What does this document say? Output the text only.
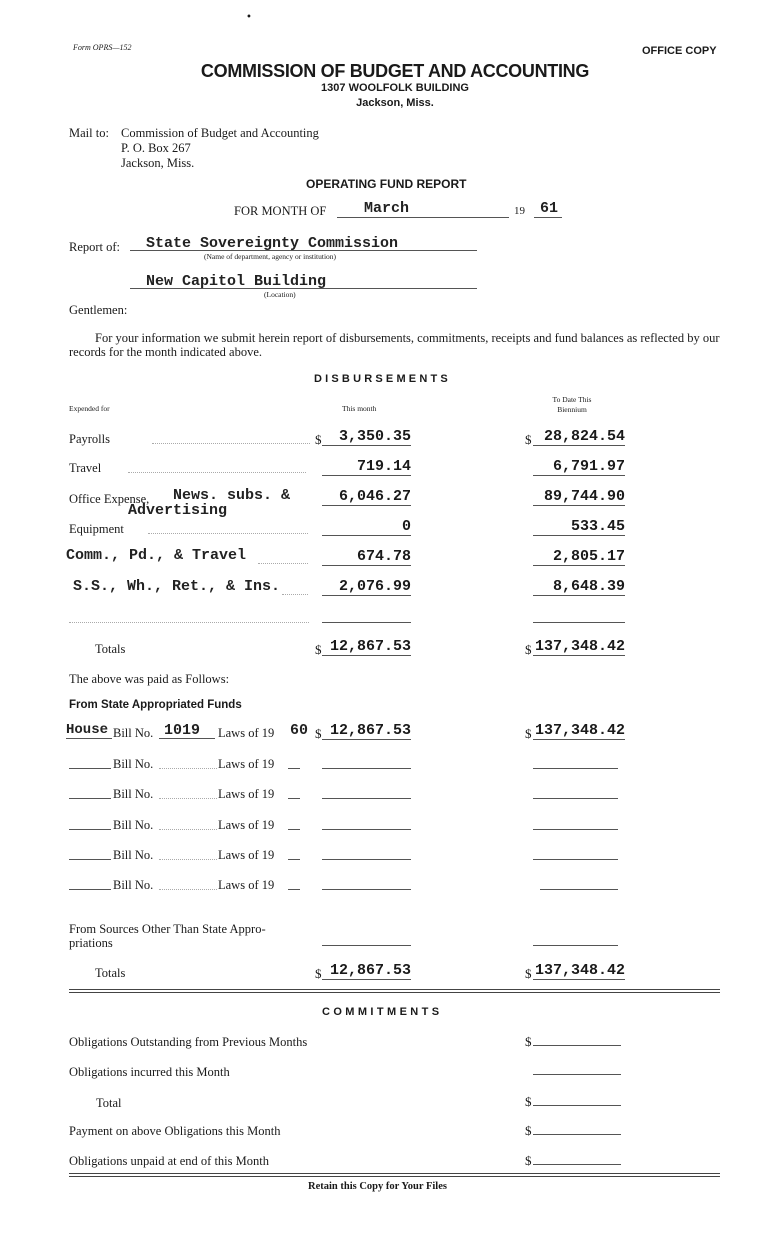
•
Form OPRS—152	OFFICE COPY
COMMISSION OF BUDGET AND ACCOUNTING
1307 WOOLFOLK BUILDING
Jackson, Miss.
Mail to: Commission of Budget and Accounting
P. O. Box 267
Jackson, Miss.
OPERATING FUND REPORT
FOR MONTH OF	March	19 61
Report of: State Sovereignty Commission
(Name of department, agency or institution)
New Capitol Building
(Location)
Gentlemen:
For your information we submit herein report of disbursements, commitments, receipts and fund balances as reflected by our records for the month indicated above.
DISBURSEMENTS
Expended for	This month
To Date This Biennium
Payrolls	$	3,350.35	$ 28,824.54
Travel	719.14	6,791.97
Office Expense, News. subs. &
Advertising
6,046.27	89,744.90
Equipment	0	533.45
Comm., Pd., & Travel	674.78	2,805.17
S.S., Wh., Ret., & Ins.	2,076.99	8,648.39
Totals	$ 12,867.53	$ 137,348.42
The above was paid as Follows:
From State Appropriated Funds
House Bill No. 1019 Laws of 19 60 $ 12,867.53	$ 137,348.42
Bill No.	Laws of 19
Bill No.	Laws of 19
Bill No.	Laws of 19
Bill No.	Laws of 19
Bill No.	Laws of 19
From Sources Other Than State Appro-
priations
Totals	$ 12,867.53	$ 137,348.42
COMMITMENTS
Obligations Outstanding from Previous Months	$
Obligations incurred this Month
Total	$
Payment on above Obligations this Month	$
Obligations unpaid at end of this Month	$
Retain this Copy for Your Files
